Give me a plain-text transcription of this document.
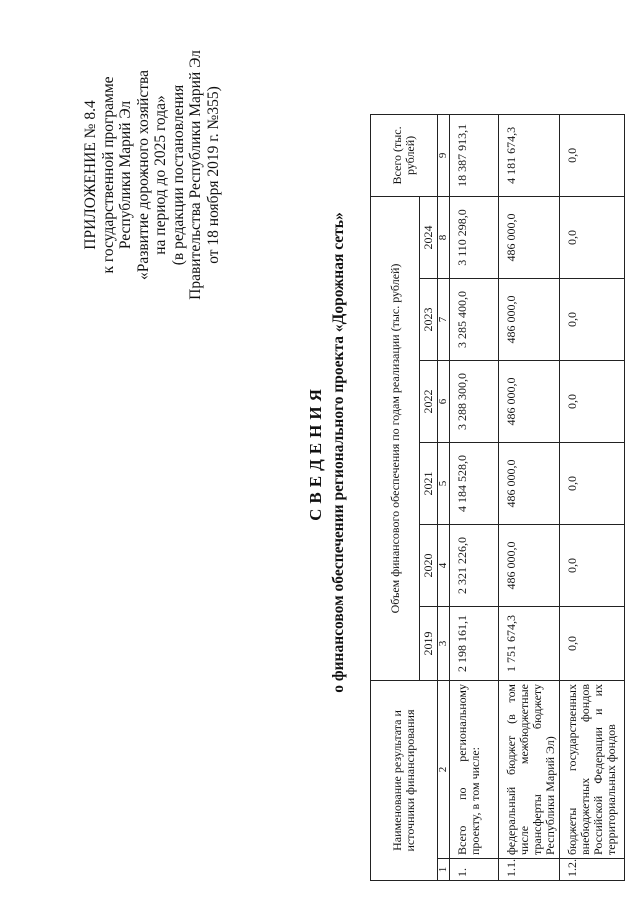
ПРИЛОЖЕНИЕ № 8.4 к государственной программе Республики Марий Эл «Развитие дорожного хозяйства на период до 2025 года» (в редакции постановления Правительства Республики Марий Эл от 18 ноября 2019 г. №355)
СВЕДЕНИЯ о финансовом обеспечении регионального проекта «Дорожная сеть»
Наименование результата и источники финансирования		Объем финансового обеспечения по годам реализации (тыс. рублей)						Всего (тыс. рублей)
		2019	2020	2021	2022	2023	2024	
1	2	3	4	5	6	7	8	9
1.	Всего по региональному проекту, в том числе:	2 198 161,1	2 321 226,0	4 184 528,0	3 288 300,0	3 285 400,0	3 110 298,0	18 387 913,1
1.1.	федеральный бюджет (в том числе межбюджетные трансферты бюджету Республики Марий Эл)	1 751 674,3	486 000,0	486 000,0	486 000,0	486 000,0	486 000,0	4 181 674,3
1.2.	бюджеты государственных внебюджетных фондов Российской Федерации и их территориальных фондов	0,0	0,0	0,0	0,0	0,0	0,0	0,0
